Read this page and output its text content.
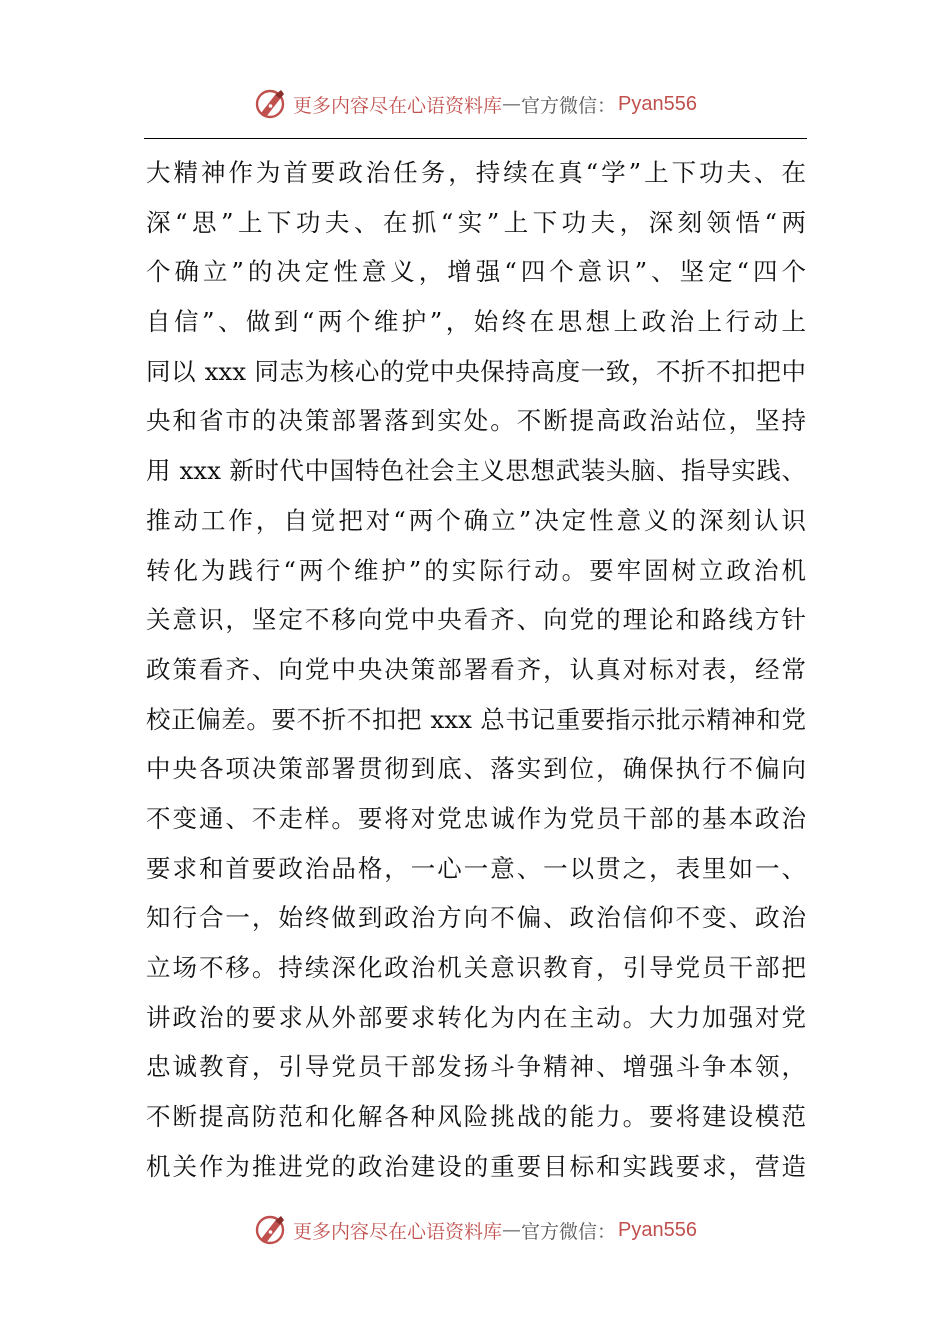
更多内容尽在心语资料库 — 官方微信： Pyan556
大精神作为首要政治任务，持续在真“学”上下功夫、在
深“思”上下功夫、在抓“实”上下功夫，深刻领悟“两
个确立”的决定性意义，增强“四个意识”、坚定“四个
自信”、做到“两个维护”，始终在思想上政治上行动上
同以 xxx 同志为核心的党中央保持高度一致，不折不扣把中
央和省市的决策部署落到实处。不断提高政治站位，坚持
用 xxx 新时代中国特色社会主义思想武装头脑、指导实践、
推动工作，自觉把对“两个确立”决定性意义的深刻认识
转化为践行“两个维护”的实际行动。要牢固树立政治机
关意识，坚定不移向党中央看齐、向党的理论和路线方针
政策看齐、向党中央决策部署看齐，认真对标对表，经常
校正偏差。要不折不扣把 xxx 总书记重要指示批示精神和党
中央各项决策部署贯彻到底、落实到位，确保执行不偏向
不变通、不走样。要将对党忠诚作为党员干部的基本政治
要求和首要政治品格，一心一意、一以贯之，表里如一、
知行合一，始终做到政治方向不偏、政治信仰不变、政治
立场不移。持续深化政治机关意识教育，引导党员干部把
讲政治的要求从外部要求转化为内在主动。大力加强对党
忠诚教育，引导党员干部发扬斗争精神、增强斗争本领，
不断提高防范和化解各种风险挑战的能力。要将建设模范
机关作为推进党的政治建设的重要目标和实践要求，营造
更多内容尽在心语资料库 — 官方微信： Pyan556
